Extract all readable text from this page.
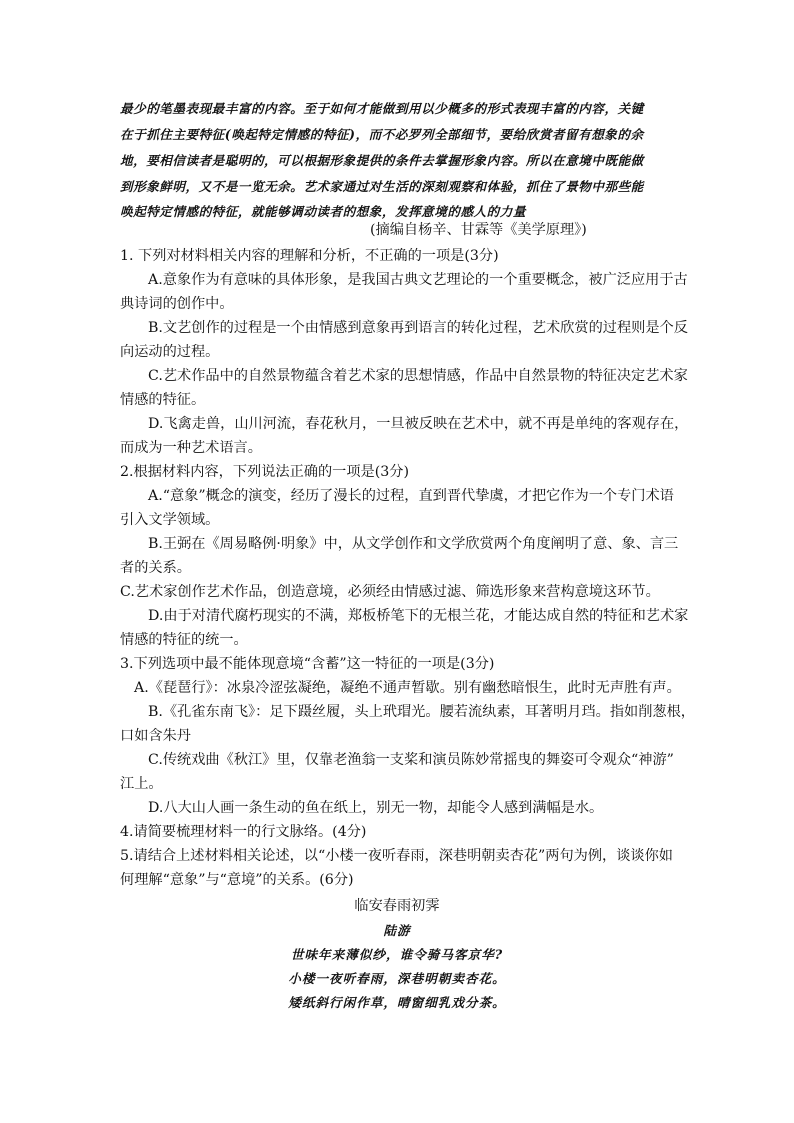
最少的笔墨表现最丰富的内容。至于如何才能做到用以少概多的形式表现丰富的内容，关键
在于抓住主要特征(唤起特定情感的特征)，而不必罗列全部细节，要给欣赏者留有想象的余
地，要相信读者是聪明的，可以根据形象提供的条件去掌握形象内容。所以在意境中既能做
到形象鲜明，又不是一览无余。艺术家通过对生活的深刻观察和体验，抓住了景物中那些能
唤起特定情感的特征，就能够调动读者的想象，发挥意境的感人的力量
(摘编自杨辛、甘霖等《美学原理》)
1. 下列对材料相关内容的理解和分析，不正确的一项是(3分)
A.意象作为有意味的具体形象，是我国古典文艺理论的一个重要概念，被广泛应用于古
典诗词的创作中。
B.文艺创作的过程是一个由情感到意象再到语言的转化过程，艺术欣赏的过程则是个反
向运动的过程。
C.艺术作品中的自然景物蕴含着艺术家的思想情感，作品中自然景物的特征决定艺术家
情感的特征。
D.飞禽走兽，山川河流，春花秋月，一旦被反映在艺术中，就不再是单纯的客观存在，
而成为一种艺术语言。
2.根据材料内容，下列说法正确的一项是(3分)
A.“意象”概念的演变，经历了漫长的过程，直到晋代挚虞，才把它作为一个专门术语
引入文学领域。
B.王弼在《周易略例·明象》中，从文学创作和文学欣赏两个角度阐明了意、象、言三
者的关系。
C.艺术家创作艺术作品，创造意境，必须经由情感过滤、筛选形象来营构意境这环节。
D.由于对清代腐朽现实的不满，郑板桥笔下的无根兰花，才能达成自然的特征和艺术家
情感的特征的统一。
3.下列选项中最不能体现意境“含蓄”这一特征的一项是(3分)
A.《琵琶行》：冰泉冷涩弦凝绝，凝绝不通声暂歇。别有幽愁暗恨生，此时无声胜有声。
B.《孔雀东南飞》：足下蹑丝履，头上玳瑁光。腰若流纨素，耳著明月珰。指如削葱根，
口如含朱丹
C.传统戏曲《秋江》里，仅靠老渔翁一支桨和演员陈妙常摇曳的舞姿可令观众“神游”
江上。
D.八大山人画一条生动的鱼在纸上，别无一物，却能令人感到满幅是水。
4.请简要梳理材料一的行文脉络。(4分)
5.请结合上述材料相关论述，以“小楼一夜听春雨，深巷明朝卖杏花”两句为例，谈谈你如
何理解“意象”与“意境”的关系。(6分)
临安春雨初霁
陆游
世味年来薄似纱，谁令骑马客京华?
小楼一夜听春雨，深巷明朝卖杏花。
矮纸斜行闲作草，晴窗细乳戏分茶。
